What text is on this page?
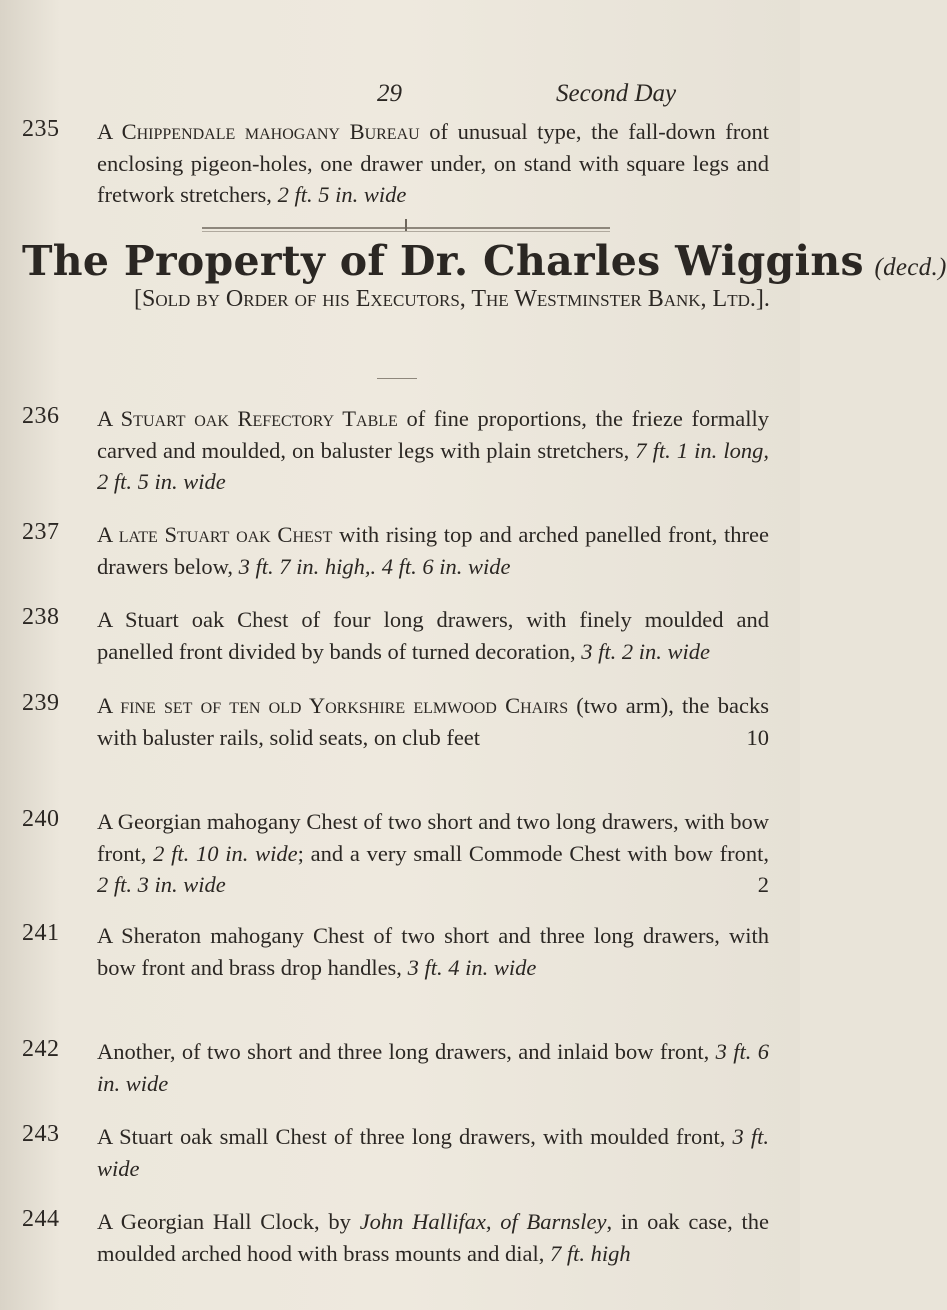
29	Second Day
235 A Chippendale mahogany Bureau of unusual type, the fall-down front enclosing pigeon-holes, one drawer under, on stand with square legs and fretwork stretchers, 2 ft. 5 in. wide
The Property of Dr. Charles Wiggins (decd.)
[Sold by Order of his Executors, The Westminster Bank, Ltd.].
236 A Stuart oak Refectory Table of fine proportions, the frieze formally carved and moulded, on baluster legs with plain stretchers, 7 ft. 1 in. long, 2 ft. 5 in. wide
237 A late Stuart oak Chest with rising top and arched panelled front, three drawers below, 3 ft. 7 in. high,. 4 ft. 6 in. wide
238 A Stuart oak Chest of four long drawers, with finely moulded and panelled front divided by bands of turned decoration, 3 ft. 2 in. wide
239 A fine set of ten old Yorkshire elmwood Chairs (two arm), the backs with baluster rails, solid seats, on club feet	10
240 A Georgian mahogany Chest of two short and two long drawers, with bow front, 2 ft. 10 in. wide; and a very small Commode Chest with bow front, 2 ft. 3 in. wide	2
241 A Sheraton mahogany Chest of two short and three long drawers, with bow front and brass drop handles, 3 ft. 4 in. wide
242 Another, of two short and three long drawers, and inlaid bow front, 3 ft. 6 in. wide
243 A Stuart oak small Chest of three long drawers, with moulded front, 3 ft. wide
244 A Georgian Hall Clock, by John Hallifax, of Barnsley, in oak case, the moulded arched hood with brass mounts and dial, 7 ft. high
